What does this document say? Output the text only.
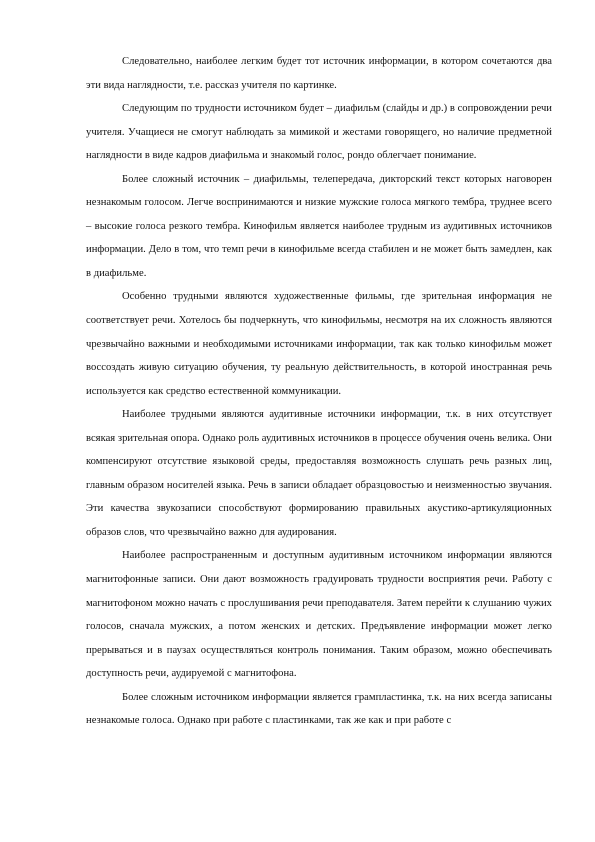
Следовательно, наиболее легким будет тот источник информации, в котором сочетаются два эти вида наглядности, т.е. рассказ учителя по картинке.

Следующим по трудности источником будет – диафильм (слайды и др.) в сопровождении речи учителя. Учащиеся не смогут наблюдать за мимикой и жестами говорящего, но наличие предметной наглядности в виде кадров диафильма и знакомый голос, рондо облегчает понимание.

Более сложный источник – диафильмы, телепередача, дикторский текст которых наговорен незнакомым голосом. Легче воспринимаются и низкие мужские голоса мягкого тембра, труднее всего – высокие голоса резкого тембра. Кинофильм является наиболее трудным из аудитивных источников информации. Дело в том, что темп речи в кинофильме всегда стабилен и не может быть замедлен, как в диафильме.

Особенно трудными являются художественные фильмы, где зрительная информация не соответствует речи. Хотелось бы подчеркнуть, что кинофильмы, несмотря на их сложность являются чрезвычайно важными и необходимыми источниками информации, так как только кинофильм может воссоздать живую ситуацию обучения, ту реальную действительность, в которой иностранная речь используется как средство естественной коммуникации.

Наиболее трудными являются аудитивные источники информации, т.к. в них отсутствует всякая зрительная опора. Однако роль аудитивных источников в процессе обучения очень велика. Они компенсируют отсутствие языковой среды, предоставляя возможность слушать речь разных лиц, главным образом носителей языка. Речь в записи обладает образцовостью и неизменностью звучания. Эти качества звукозаписи способствуют формированию правильных акустико-артикуляционных образов слов, что чрезвычайно важно для аудирования.

Наиболее распространенным и доступным аудитивным источником информации являются магнитофонные записи. Они дают возможность градуировать трудности восприятия речи. Работу с магнитофоном можно начать с прослушивания речи преподавателя. Затем перейти к слушанию чужих голосов, сначала мужских, а потом женских и детских. Предъявление информации может легко прерываться и в паузах осуществляться контроль понимания. Таким образом, можно обеспечивать доступность речи, аудируемой с магнитофона.

Более сложным источником информации является грампластинка, т.к. на них всегда записаны незнакомые голоса. Однако при работе с пластинками, так же как и при работе с
